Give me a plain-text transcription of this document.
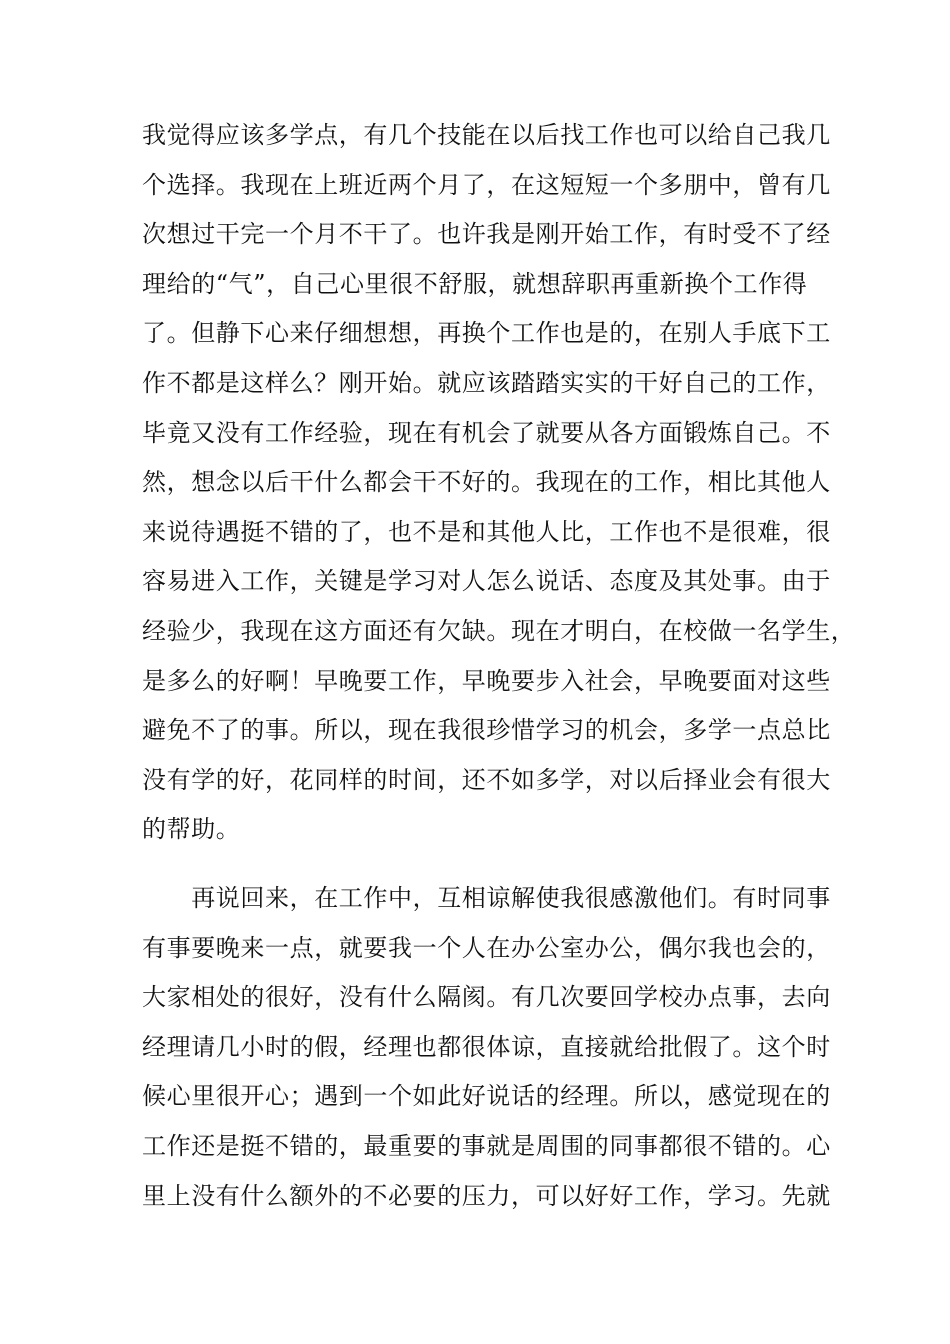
我觉得应该多学点，有几个技能在以后找工作也可以给自己我几
个选择。我现在上班近两个月了，在这短短一个多朋中，曾有几
次想过干完一个月不干了。也许我是刚开始工作，有时受不了经
理给的“气”，自己心里很不舒服，就想辞职再重新换个工作得
了。但静下心来仔细想想，再换个工作也是的，在别人手底下工
作不都是这样么？刚开始。就应该踏踏实实的干好自己的工作，
毕竟又没有工作经验，现在有机会了就要从各方面锻炼自己。不
然，想念以后干什么都会干不好的。我现在的工作，相比其他人
来说待遇挺不错的了，也不是和其他人比，工作也不是很难，很
容易进入工作，关键是学习对人怎么说话、态度及其处事。由于
经验少，我现在这方面还有欠缺。现在才明白，在校做一名学生，
是多么的好啊！早晚要工作，早晚要步入社会，早晚要面对这些
避免不了的事。所以，现在我很珍惜学习的机会，多学一点总比
没有学的好，花同样的时间，还不如多学，对以后择业会有很大
的帮助。
　　再说回来，在工作中，互相谅解使我很感激他们。有时同事
有事要晚来一点，就要我一个人在办公室办公，偶尔我也会的，
大家相处的很好，没有什么隔阂。有几次要回学校办点事，去向
经理请几小时的假，经理也都很体谅，直接就给批假了。这个时
候心里很开心；遇到一个如此好说话的经理。所以，感觉现在的
工作还是挺不错的，最重要的事就是周围的同事都很不错的。心
里上没有什么额外的不必要的压力，可以好好工作，学习。先就
